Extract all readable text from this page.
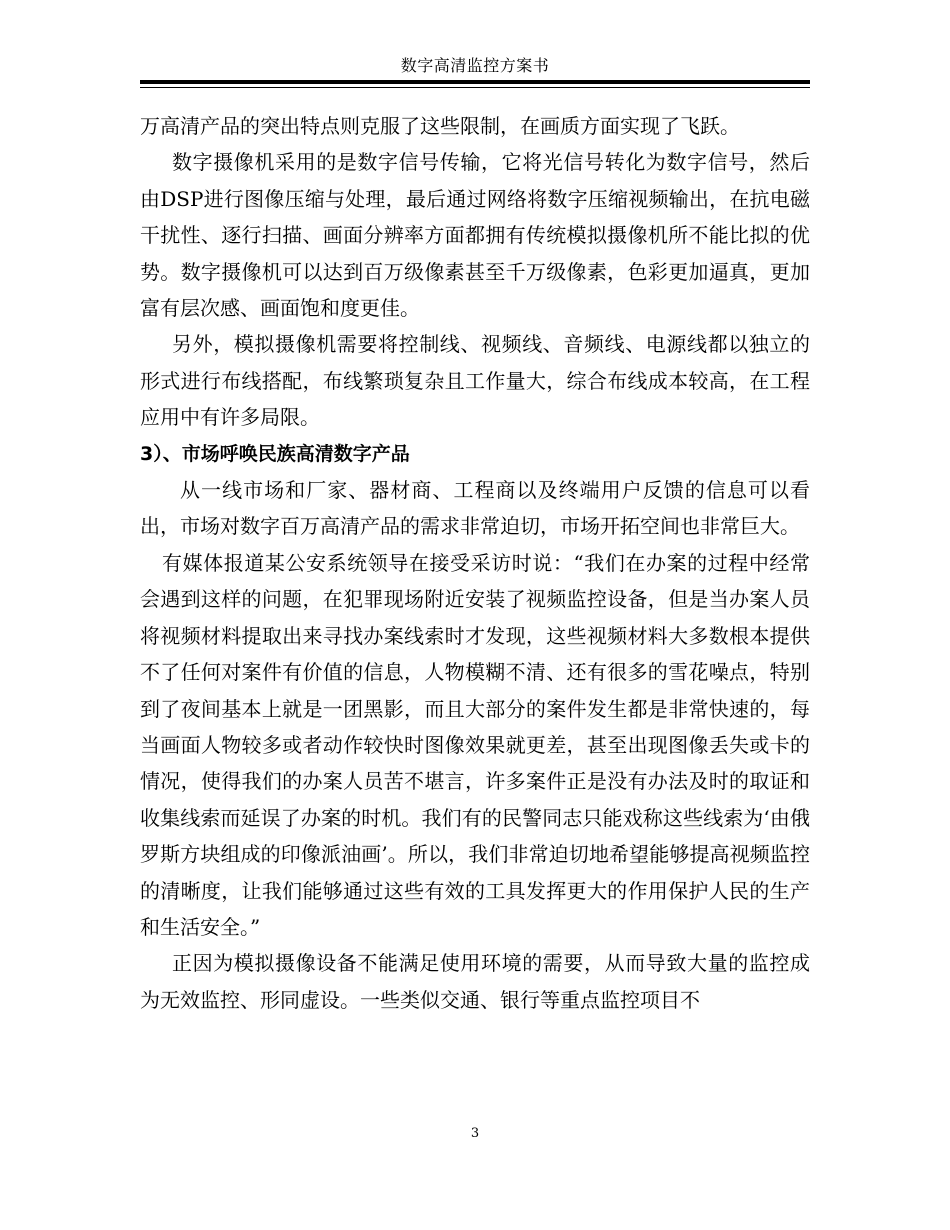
数字高清监控方案书

万高清产品的突出特点则克服了这些限制，在画质方面实现了飞跃。

数字摄像机采用的是数字信号传输，它将光信号转化为数字信号，然后由DSP进行图像压缩与处理，最后通过网络将数字压缩视频输出，在抗电磁干扰性、逐行扫描、画面分辨率方面都拥有传统模拟摄像机所不能比拟的优势。数字摄像机可以达到百万级像素甚至千万级像素，色彩更加逼真，更加富有层次感、画面饱和度更佳。

另外，模拟摄像机需要将控制线、视频线、音频线、电源线都以独立的形式进行布线搭配，布线繁琐复杂且工作量大，综合布线成本较高，在工程应用中有许多局限。

3）、市场呼唤民族高清数字产品

从一线市场和厂家、器材商、工程商以及终端用户反馈的信息可以看出，市场对数字百万高清产品的需求非常迫切，市场开拓空间也非常巨大。

有媒体报道某公安系统领导在接受采访时说：“我们在办案的过程中经常会遇到这样的问题，在犯罪现场附近安装了视频监控设备，但是当办案人员将视频材料提取出来寻找办案线索时才发现，这些视频材料大多数根本提供不了任何对案件有价值的信息，人物模糊不清、还有很多的雪花噪点，特别到了夜间基本上就是一团黑影，而且大部分的案件发生都是非常快速的，每当画面人物较多或者动作较快时图像效果就更差，甚至出现图像丢失或卡的情况，使得我们的办案人员苦不堪言，许多案件正是没有办法及时的取证和收集线索而延误了办案的时机。我们有的民警同志只能戏称这些线索为‘由俄罗斯方块组成的印像派油画’。所以，我们非常迫切地希望能够提高视频监控的清晰度，让我们能够通过这些有效的工具发挥更大的作用保护人民的生产和生活安全。”

正因为模拟摄像设备不能满足使用环境的需要，从而导致大量的监控成为无效监控、形同虚设。一些类似交通、银行等重点监控项目不

3
